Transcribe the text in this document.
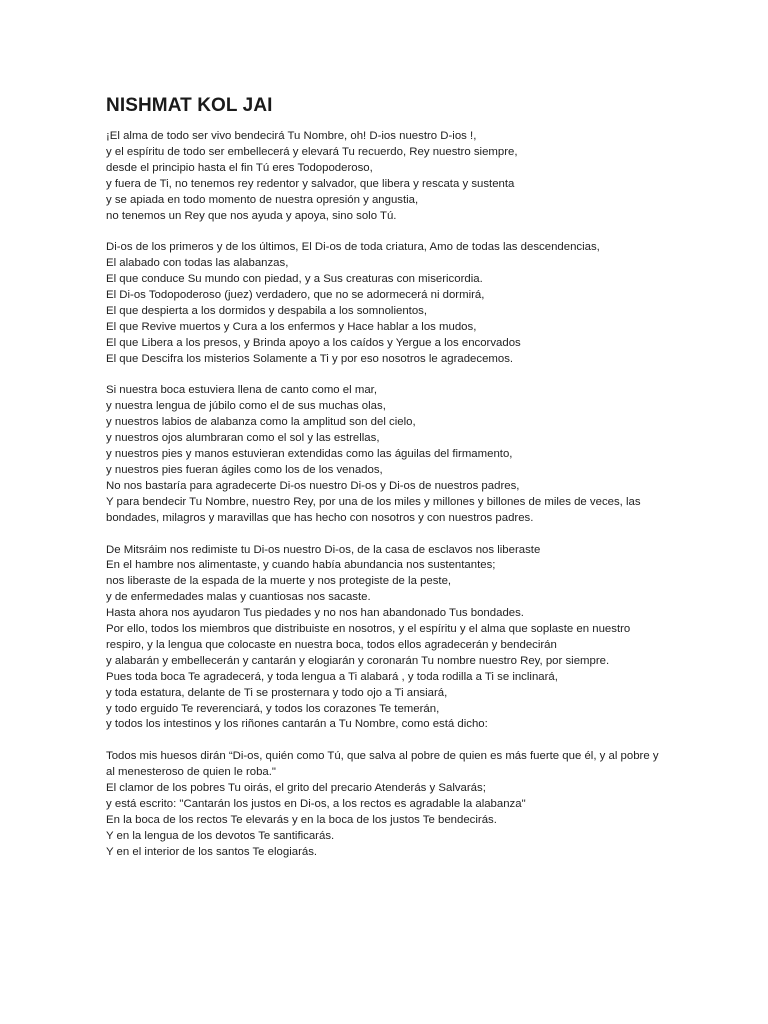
NISHMAT KOL JAI

¡El alma de todo ser vivo bendecirá Tu Nombre, oh! D-ios nuestro D-ios !,
y el espíritu de todo ser embellecerá y elevará Tu recuerdo, Rey nuestro siempre,
desde el principio hasta el fin Tú eres Todopoderoso,
y fuera de Ti, no tenemos rey redentor y salvador, que libera y rescata y sustenta
y se apiada en todo momento de nuestra opresión y angustia,
no tenemos un Rey que nos ayuda y apoya, sino solo Tú.

Di-os de los primeros y de los últimos, El Di-os de toda criatura, Amo de todas las descendencias,
El alabado con todas las alabanzas,
El que conduce Su mundo con piedad, y a Sus creaturas con misericordia.
El Di-os Todopoderoso (juez) verdadero, que no se adormecerá ni dormirá,
El que despierta a los dormidos y despabila a los somnolientos,
El que Revive muertos y Cura a los enfermos y Hace hablar a los mudos,
El que Libera a los presos, y Brinda apoyo a los caídos y Yergue a los encorvados
El que Descifra los misterios Solamente a Ti y por eso nosotros le agradecemos.

Si nuestra boca estuviera llena de canto como el mar,
y nuestra lengua de júbilo como el de sus muchas olas,
y nuestros labios de alabanza como la amplitud son del cielo,
y nuestros ojos alumbraran como el sol y las estrellas,
y nuestros pies y manos estuvieran extendidas como las águilas del firmamento,
y nuestros pies fueran ágiles como los de los venados,
No nos bastaría para agradecerte Di-os nuestro Di-os y Di-os de nuestros padres,
Y para bendecir Tu Nombre, nuestro Rey, por una de los miles y millones y billones de miles de veces, las
bondades, milagros y maravillas que has hecho con nosotros y con nuestros padres.

De Mitsráim nos redimiste tu Di-os nuestro Di-os, de la casa de esclavos nos liberaste
En el hambre nos alimentaste, y cuando había abundancia nos sustentantes;
nos liberaste de la espada de la muerte y nos protegiste de la peste,
y de enfermedades malas y cuantiosas nos sacaste.
Hasta ahora nos ayudaron Tus piedades y no nos han abandonado Tus bondades.
Por ello, todos los miembros que distribuiste en nosotros, y el espíritu y el alma que soplaste en nuestro
respiro, y la lengua que colocaste en nuestra boca, todos ellos agradecerán y bendecirán
y alabarán y embellecerán y cantarán y elogiarán y coronarán Tu nombre nuestro Rey, por siempre.
Pues toda boca Te agradecerá, y toda lengua a Ti alabará , y toda rodilla a Ti se inclinará,
y toda estatura, delante de Ti se prosternara y todo ojo a Ti ansiará,
y todo erguido Te reverenciará, y todos los corazones Te temerán,
y todos los intestinos y los riñones cantarán a Tu Nombre, como está dicho:

Todos mis huesos dirán “Di-os, quién como Tú, que salva al pobre de quien es más fuerte que él, y al pobre y
al menesteroso de quien le roba."
El clamor de los pobres Tu oirás, el grito del precario Atenderás y Salvarás;
y está escrito: "Cantarán los justos en Di-os, a los rectos es agradable la alabanza"
En la boca de los rectos Te elevarás y en la boca de los justos Te bendecirás.
Y en la lengua de los devotos Te santificarás.
Y en el interior de los santos Te elogiarás.
